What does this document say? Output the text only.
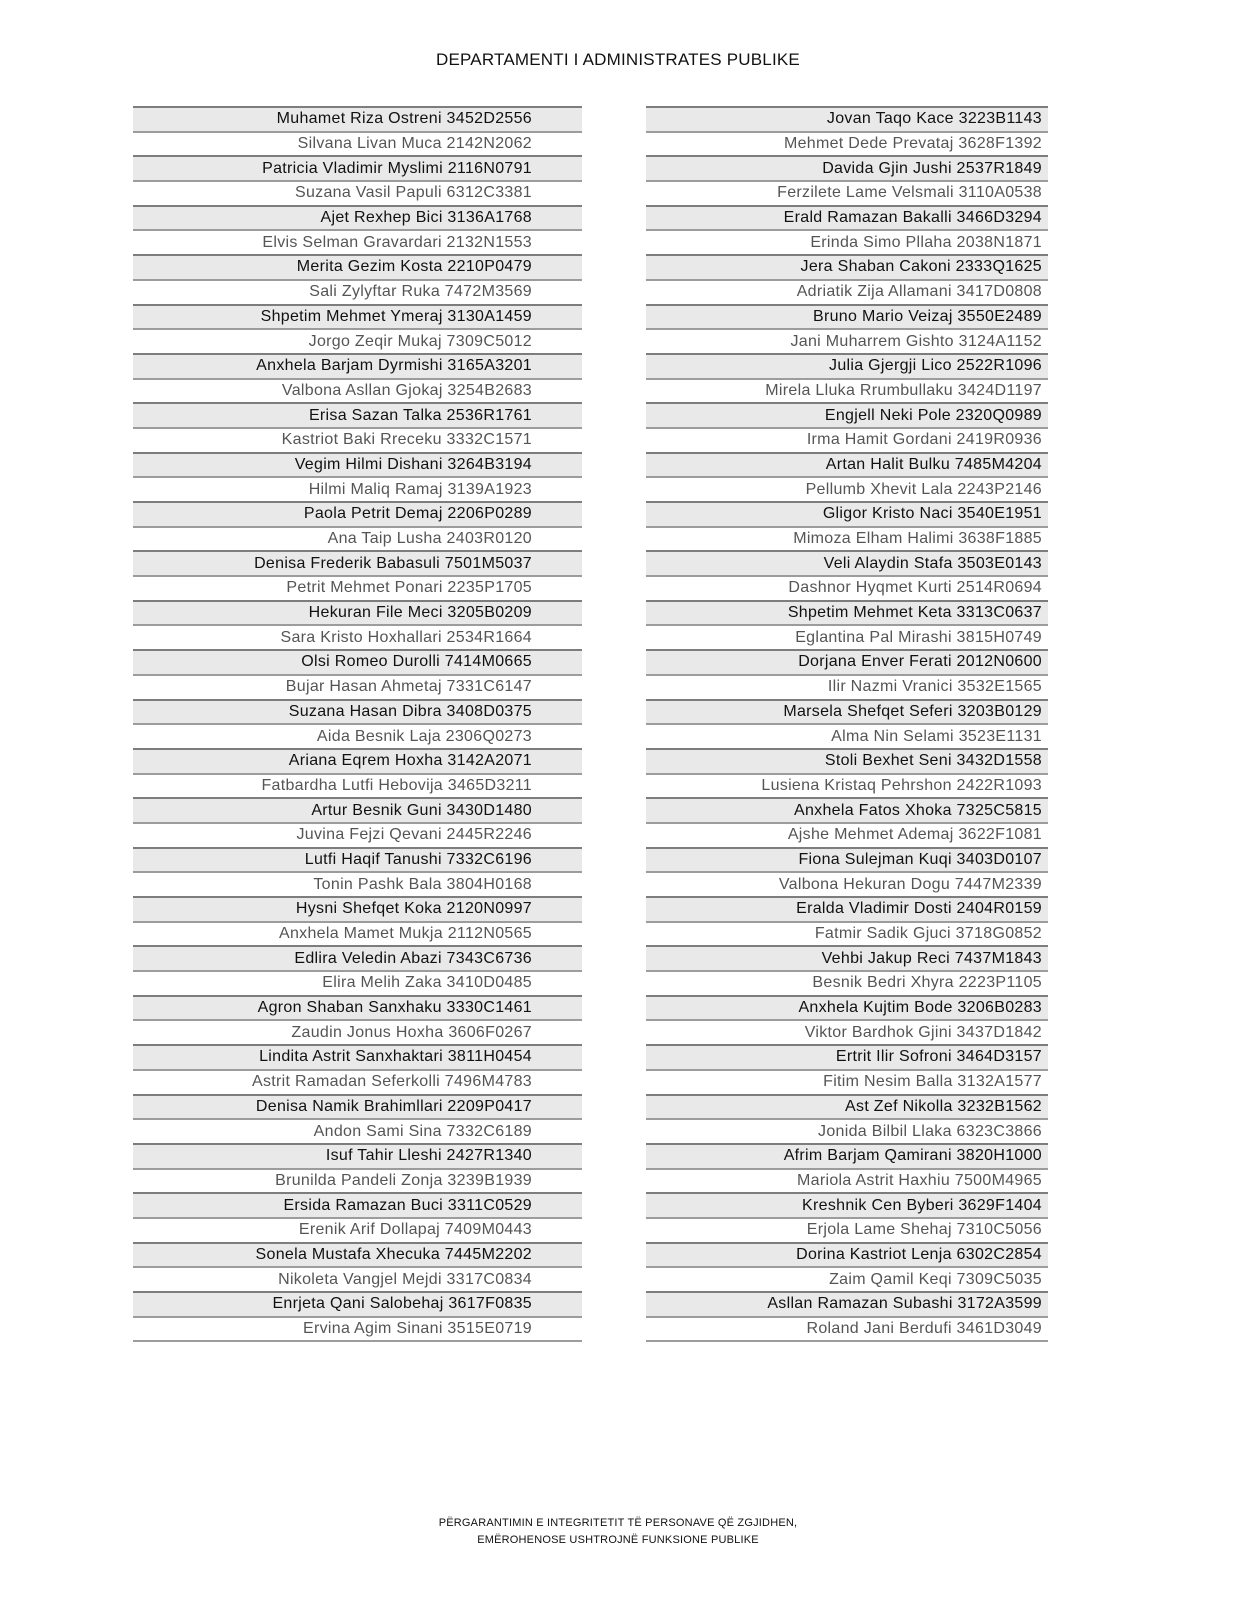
DEPARTAMENTI I ADMINISTRATES PUBLIKE
Muhamet Riza Ostreni 3452D2556
Silvana Livan Muca 2142N2062
Patricia Vladimir Myslimi 2116N0791
Suzana Vasil Papuli 6312C3381
Ajet Rexhep Bici 3136A1768
Elvis Selman Gravardari 2132N1553
Merita Gezim Kosta 2210P0479
Sali Zylyftar Ruka 7472M3569
Shpetim Mehmet Ymeraj 3130A1459
Jorgo Zeqir Mukaj 7309C5012
Anxhela Barjam Dyrmishi 3165A3201
Valbona Asllan Gjokaj 3254B2683
Erisa Sazan Talka 2536R1761
Kastriot Baki Rreceku 3332C1571
Vegim Hilmi Dishani 3264B3194
Hilmi Maliq Ramaj 3139A1923
Paola Petrit Demaj 2206P0289
Ana Taip Lusha 2403R0120
Denisa Frederik Babasuli 7501M5037
Petrit Mehmet Ponari 2235P1705
Hekuran File Meci 3205B0209
Sara Kristo Hoxhallari 2534R1664
Olsi Romeo Durolli 7414M0665
Bujar Hasan Ahmetaj 7331C6147
Suzana Hasan Dibra 3408D0375
Aida Besnik Laja 2306Q0273
Ariana Eqrem Hoxha 3142A2071
Fatbardha Lutfi Hebovija 3465D3211
Artur Besnik Guni 3430D1480
Juvina Fejzi Qevani 2445R2246
Lutfi Haqif Tanushi 7332C6196
Tonin Pashk Bala 3804H0168
Hysni Shefqet Koka 2120N0997
Anxhela Mamet Mukja 2112N0565
Edlira Veledin Abazi 7343C6736
Elira Melih Zaka 3410D0485
Agron Shaban Sanxhaku 3330C1461
Zaudin Jonus Hoxha 3606F0267
Lindita Astrit Sanxhaktari 3811H0454
Astrit Ramadan Seferkolli 7496M4783
Denisa Namik Brahimllari 2209P0417
Andon Sami Sina 7332C6189
Isuf Tahir Lleshi 2427R1340
Brunilda Pandeli Zonja 3239B1939
Ersida Ramazan Buci 3311C0529
Erenik Arif Dollapaj 7409M0443
Sonela Mustafa Xhecuka 7445M2202
Nikoleta Vangjel Mejdi 3317C0834
Enrjeta Qani Salobehaj 3617F0835
Ervina Agim Sinani 3515E0719
Jovan Taqo Kace 3223B1143
Mehmet Dede Prevataj 3628F1392
Davida Gjin Jushi 2537R1849
Ferzilete Lame Velsmali 3110A0538
Erald Ramazan Bakalli 3466D3294
Erinda Simo Pllaha 2038N1871
Jera Shaban Cakoni 2333Q1625
Adriatik Zija Allamani 3417D0808
Bruno Mario Veizaj 3550E2489
Jani Muharrem Gishto 3124A1152
Julia Gjergji Lico 2522R1096
Mirela Lluka Rrumbullaku 3424D1197
Engjell Neki Pole 2320Q0989
Irma Hamit Gordani 2419R0936
Artan Halit Bulku 7485M4204
Pellumb Xhevit Lala 2243P2146
Gligor Kristo Naci 3540E1951
Mimoza Elham Halimi 3638F1885
Veli Alaydin Stafa 3503E0143
Dashnor Hyqmet Kurti 2514R0694
Shpetim Mehmet Keta 3313C0637
Eglantina Pal Mirashi 3815H0749
Dorjana Enver Ferati 2012N0600
Ilir Nazmi Vranici 3532E1565
Marsela Shefqet Seferi 3203B0129
Alma Nin Selami 3523E1131
Stoli Bexhet Seni 3432D1558
Lusiena Kristaq Pehrshon 2422R1093
Anxhela Fatos Xhoka 7325C5815
Ajshe Mehmet Ademaj 3622F1081
Fiona Sulejman Kuqi 3403D0107
Valbona Hekuran Dogu 7447M2339
Eralda Vladimir Dosti 2404R0159
Fatmir Sadik Gjuci 3718G0852
Vehbi Jakup Reci 7437M1843
Besnik Bedri Xhyra 2223P1105
Anxhela Kujtim Bode 3206B0283
Viktor Bardhok Gjini 3437D1842
Ertrit Ilir Sofroni 3464D3157
Fitim Nesim Balla 3132A1577
Ast Zef Nikolla 3232B1562
Jonida Bilbil Llaka 6323C3866
Afrim Barjam Qamirani 3820H1000
Mariola Astrit Haxhiu 7500M4965
Kreshnik Cen Byberi 3629F1404
Erjola Lame Shehaj 7310C5056
Dorina Kastriot Lenja 6302C2854
Zaim Qamil Keqi 7309C5035
Asllan Ramazan Subashi 3172A3599
Roland Jani Berdufi 3461D3049
PËRGARANTIMIN E INTEGRITETIT TË PERSONAVE QË ZGJIDHEN,
EMËROHENOSE USHTROJNË FUNKSIONE PUBLIKE
